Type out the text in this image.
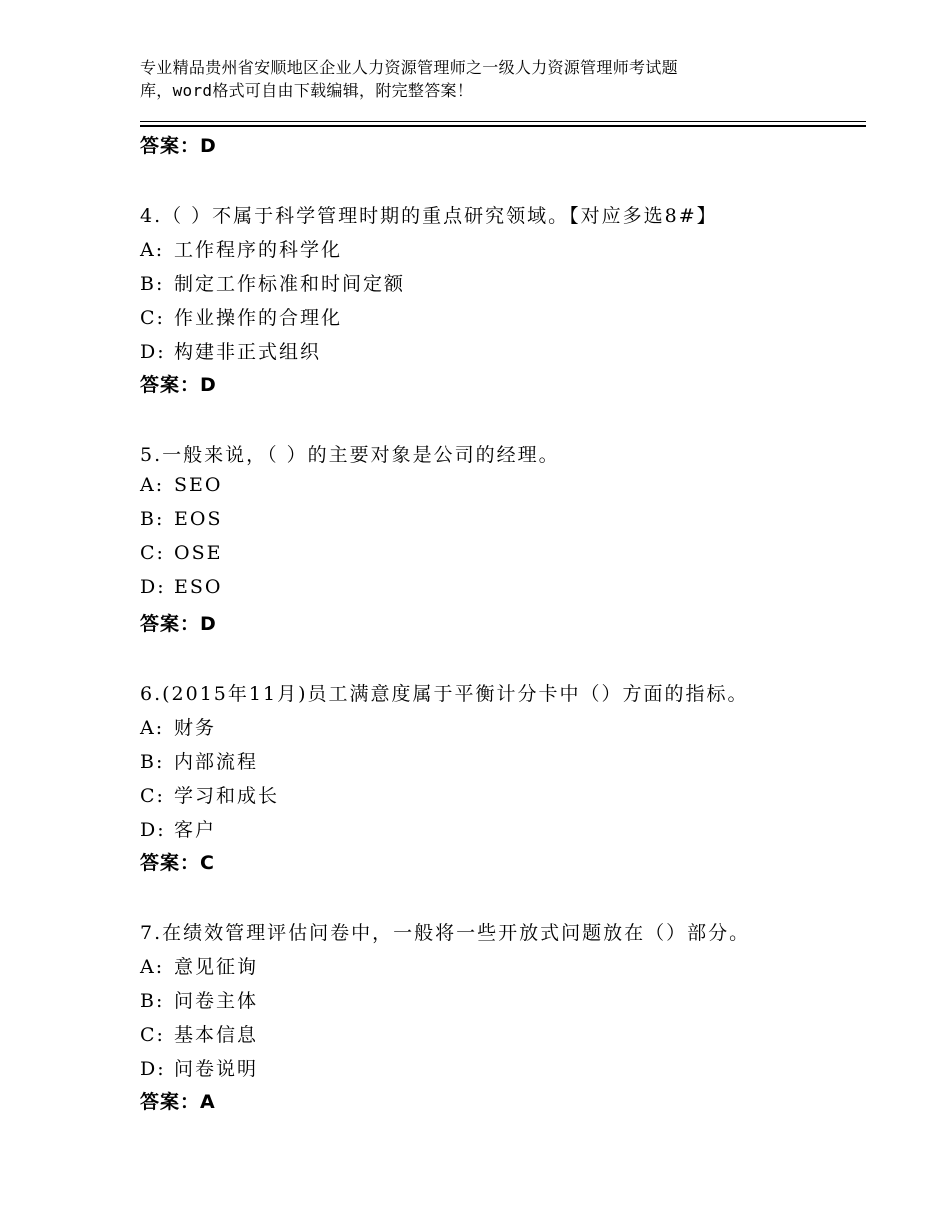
专业精品贵州省安顺地区企业人力资源管理师之一级人力资源管理师考试题
库，word格式可自由下载编辑，附完整答案！
答案：D
4.（ ）不属于科学管理时期的重点研究领域。【对应多选8#】
A: 工作程序的科学化
B: 制定工作标准和时间定额
C: 作业操作的合理化
D: 构建非正式组织
答案：D
5.一般来说，（ ）的主要对象是公司的经理。
A: SEO
B: EOS
C: OSE
D: ESO
答案：D
6.(2015年11月)员工满意度属于平衡计分卡中（）方面的指标。
A: 财务
B: 内部流程
C: 学习和成长
D: 客户
答案：C
7.在绩效管理评估问卷中，一般将一些开放式问题放在（）部分。
A: 意见征询
B: 问卷主体
C: 基本信息
D: 问卷说明
答案：A
